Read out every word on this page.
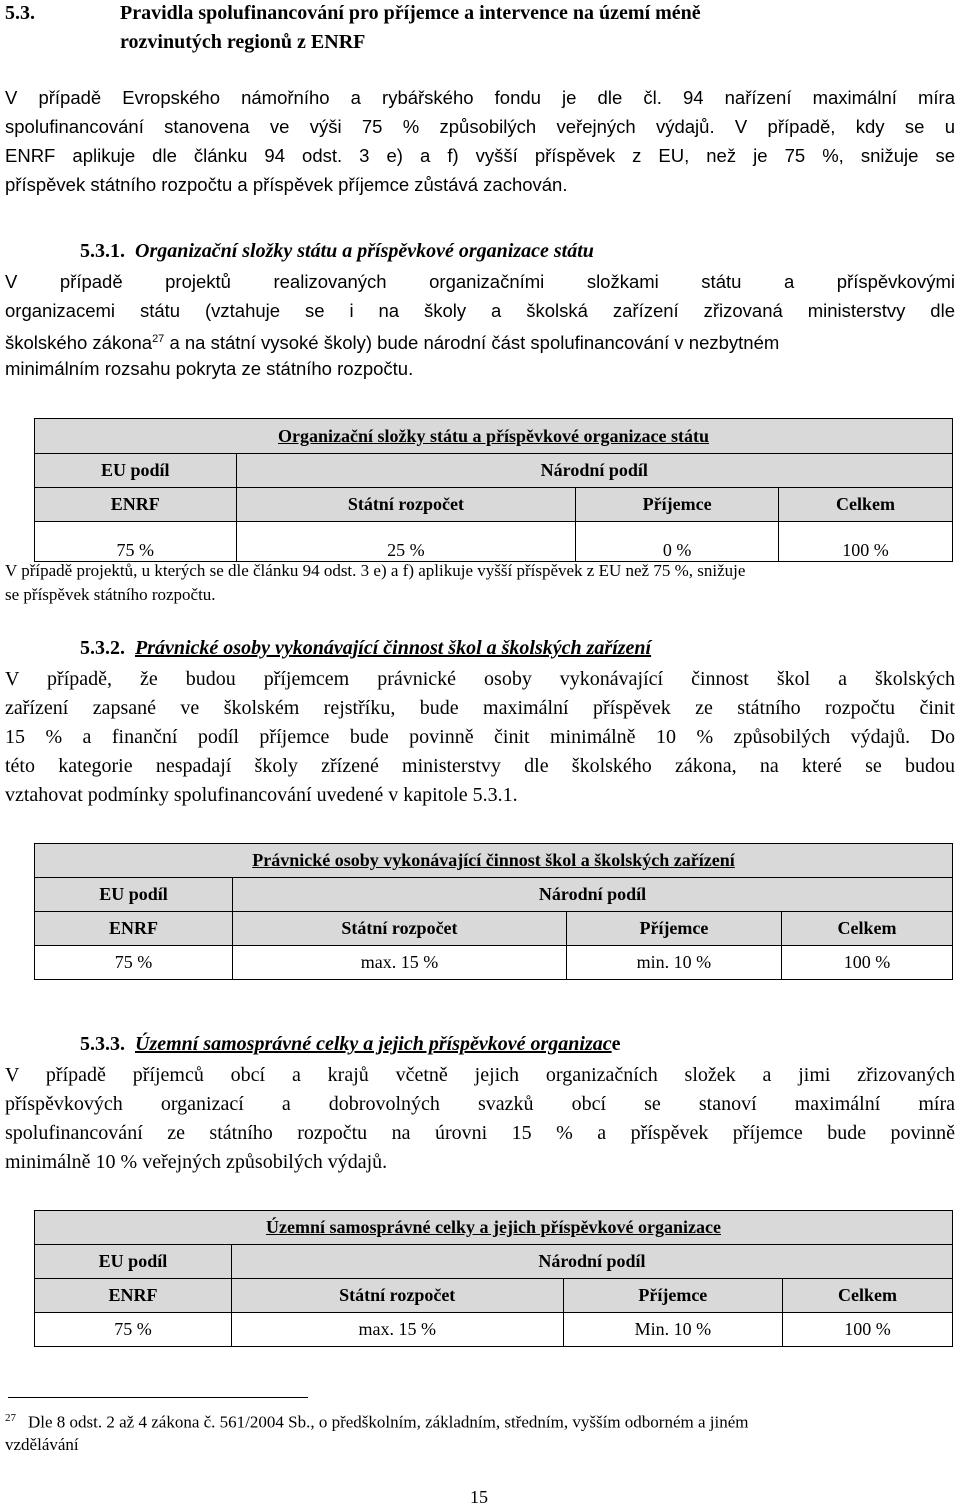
5.3.	Pravidla spolufinancování pro příjemce a intervence na území méně
rozvinutých regionů z ENRF
V případě Evropského námořního a rybářského fondu je dle čl. 94 nařízení maximální míra
spolufinancování stanovena ve výši 75 % způsobilých veřejných výdajů. V případě, kdy se u
ENRF aplikuje dle článku 94 odst. 3 e) a f) vyšší příspěvek z EU, než je 75 %, snižuje se
příspěvek státního rozpočtu a příspěvek příjemce zůstává zachován.
5.3.1. Organizační složky státu a příspěvkové organizace státu
V případě projektů realizovaných organizačními složkami státu a příspěvkovými
organizacemi státu (vztahuje se i na školy a školská zařízení zřizovaná ministerstvy dle
školského zákona$^{27}$ a na státní vysoké školy) bude národní část spolufinancování v nezbytném
minimálním rozsahu pokryta ze státního rozpočtu.
Organizační složky státu a příspěvkové organizace státu			
EU podíl	Národní podíl		
ENRF	Státní rozpočet	Příjemce	Celkem
75 %	25 %	0 %	100 %
V případě projektů, u kterých se dle článku 94 odst. 3 e) a f) aplikuje vyšší příspěvek z EU než 75 %, snižuje
se příspěvek státního rozpočtu.
5.3.2. Právnické osoby vykonávající činnost škol a školských zařízení
V případě, že budou příjemcem právnické osoby vykonávající činnost škol a školských
zařízení zapsané ve školském rejstříku, bude maximální příspěvek ze státního rozpočtu činit
15 % a finanční podíl příjemce bude povinně činit minimálně 10 % způsobilých výdajů. Do
této kategorie nespadají školy zřízené ministerstvy dle školského zákona, na které se budou
vztahovat podmínky spolufinancování uvedené v kapitole 5.3.1.
Právnické osoby vykonávající činnost škol a školských zařízení			
EU podíl	Národní podíl		
ENRF	Státní rozpočet	Příjemce	Celkem
75 %	max. 15 %	min. 10 %	100 %
5.3.3. Územní samosprávné celky a jejich příspěvkové organizace
V případě příjemců obcí a krajů včetně jejich organizačních složek a jimi zřizovaných
příspěvkových organizací a dobrovolných svazků obcí se stanoví maximální míra
spolufinancování ze státního rozpočtu na úrovni 15 % a příspěvek příjemce bude povinně
minimálně 10 % veřejných způsobilých výdajů.
Územní samosprávné celky a jejich příspěvkové organizace			
EU podíl	Národní podíl		
ENRF	Státní rozpočet	Příjemce	Celkem
75 %	max. 15 %	Min. 10 %	100 %
$^{27}$ Dle 8 odst. 2 až 4 zákona č. 561/2004 Sb., o předškolním, základním, středním, vyšším odborném a jiném
vzdělávání
15
